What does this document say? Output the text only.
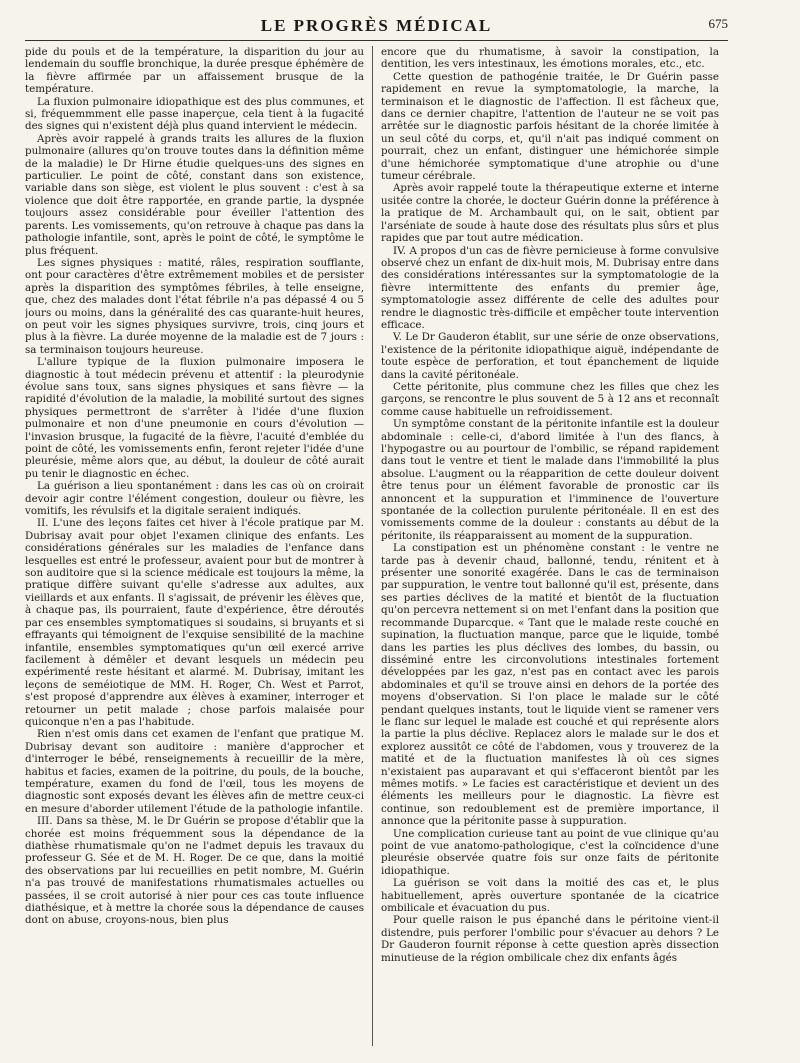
LE PROGRÈS MÉDICAL	675

pide du pouls et de la température, la disparition du jour au lendemain du souffle bronchique, la durée presque éphémère de la fièvre affirmée par un affaissement brusque de la température.

La fluxion pulmonaire idiopathique est des plus communes, et si, fréquemmment elle passe inaperçue, cela tient à la fugacité des signes qui n'existent déjà plus quand intervient le médecin.

Après avoir rappelé à grands traits les allures de la fluxion pulmonaire (allures qu'on trouve toutes dans la définition même de la maladie) le Dr Hirne étudie quelques-uns des signes en particulier. Le point de côté, constant dans son existence, variable dans son siège, est violent le plus souvent : c'est à sa violence que doit être rapportée, en grande partie, la dyspnée toujours assez considérable pour éveiller l'attention des parents. Les vomissements, qu'on retrouve à chaque pas dans la pathologie infantile, sont, après le point de côté, le symptôme le plus fréquent.

Les signes physiques : matité, râles, respiration soufflante, ont pour caractères d'être extrêmement mobiles et de persister après la disparition des symptômes fébriles, à telle enseigne, que, chez des malades dont l'état fébrile n'a pas dépassé 4 ou 5 jours ou moins, dans la généralité des cas quarante-huit heures, on peut voir les signes physiques survivre, trois, cinq jours et plus à la fièvre. La durée moyenne de la maladie est de 7 jours : sa terminaison toujours heureuse.

L'allure typique de la fluxion pulmonaire imposera le diagnostic à tout médecin prévenu et attentif : la pleurodynie évolue sans toux, sans signes physiques et sans fièvre — la rapidité d'évolution de la maladie, la mobilité surtout des signes physiques permettront de s'arrêter à l'idée d'une fluxion pulmonaire et non d'une pneumonie en cours d'évolution — l'invasion brusque, la fugacité de la fièvre, l'acuité d'emblée du point de côté, les vomissements enfin, feront rejeter l'idée d'une pleurésie, même alors que, au début, la douleur de côté aurait pu tenir le diagnostic en échec.

La guérison a lieu spontanément : dans les cas où on croirait devoir agir contre l'élément congestion, douleur ou fièvre, les vomitifs, les révulsifs et la digitale seraient indiqués.

II. L'une des leçons faites cet hiver à l'école pratique par M. Dubrisay avait pour objet l'examen clinique des enfants. Les considérations générales sur les maladies de l'enfance dans lesquelles est entré le professeur, avaient pour but de montrer à son auditoire que si la science médicale est toujours la même, la pratique diffère suivant qu'elle s'adresse aux adultes, aux vieillards et aux enfants. Il s'agissait, de prévenir les élèves que, à chaque pas, ils pourraient, faute d'expérience, être déroutés par ces ensembles symptomatiques si soudains, si bruyants et si effrayants qui témoignent de l'exquise sensibilité de la machine infantile, ensembles symptomatiques qu'un œil exercé arrive facilement à démêler et devant lesquels un médecin peu expérimenté reste hésitant et alarmé. M. Dubrisay, imitant les leçons de seméiotique de MM. H. Roger, Ch. West et Parrot, s'est proposé d'apprendre aux élèves à examiner, interroger et retourner un petit malade ; chose parfois malaisée pour quiconque n'en a pas l'habitude.

Rien n'est omis dans cet examen de l'enfant que pratique M. Dubrisay devant son auditoire : manière d'approcher et d'interroger le bébé, renseignements à recueillir de la mère, habitus et facies, examen de la poitrine, du pouls, de la bouche, température, examen du fond de l'œil, tous les moyens de diagnostic sont exposés devant les élèves afin de mettre ceux-ci en mesure d'aborder utilement l'étude de la pathologie infantile.

III. Dans sa thèse, M. le Dr Guérin se propose d'établir que la chorée est moins fréquemment sous la dépendance de la diathèse rhumatismale qu'on ne l'admet depuis les travaux du professeur G. Sée et de M. H. Roger. De ce que, dans la moitié des observations par lui recueillies en petit nombre, M. Guérin n'a pas trouvé de manifestations rhumatismales actuelles ou passées, il se croit autorisé à nier pour ces cas toute influence diathésique, et à mettre la chorée sous la dépendance de causes dont on abuse, croyons-nous, bien plus

encore que du rhumatisme, à savoir la constipation, la dentition, les vers intestinaux, les émotions morales, etc., etc.

Cette question de pathogénie traitée, le Dr Guérin passe rapidement en revue la symptomatologie, la marche, la terminaison et le diagnostic de l'affection. Il est fâcheux que, dans ce dernier chapitre, l'attention de l'auteur ne se voit pas arrêtée sur le diagnostic parfois hésitant de la chorée limitée à un seul côté du corps, et, qu'il n'ait pas indiqué comment on pourrait, chez un enfant, distinguer une hémichorée simple d'une hémichorée symptomatique d'une atrophie ou d'une tumeur cérébrale.

Après avoir rappelé toute la thérapeutique externe et interne usitée contre la chorée, le docteur Guérin donne la préférence à la pratique de M. Archambault qui, on le sait, obtient par l'arséniate de soude à haute dose des résultats plus sûrs et plus rapides que par tout autre médication.

IV. A propos d'un cas de fièvre pernicieuse à forme convulsive observé chez un enfant de dix-huit mois, M. Dubrisay entre dans des considérations intéressantes sur la symptomatologie de la fièvre intermittente des enfants du premier âge, symptomatologie assez différente de celle des adultes pour rendre le diagnostic très-difficile et empêcher toute intervention efficace.

V. Le Dr Gauderon établit, sur une série de onze observations, l'existence de la péritonite idiopathique aiguë, indépendante de toute espèce de perforation, et tout épanchement de liquide dans la cavité péritonéale.

Cette péritonite, plus commune chez les filles que chez les garçons, se rencontre le plus souvent de 5 à 12 ans et reconnaît comme cause habituelle un refroidissement.

Un symptôme constant de la péritonite infantile est la douleur abdominale : celle-ci, d'abord limitée à l'un des flancs, à l'hypogastre ou au pourtour de l'ombilic, se répand rapidement dans tout le ventre et tient le malade dans l'immobilité la plus absolue. L'augment ou la réapparition de cette douleur doivent être tenus pour un élément favorable de pronostic car ils annoncent et la suppuration et l'imminence de l'ouverture spontanée de la collection purulente péritonéale. Il en est des vomissements comme de la douleur : constants au début de la péritonite, ils réapparaissent au moment de la suppuration.

La constipation est un phénomène constant : le ventre ne tarde pas à devenir chaud, ballonné, tendu, rénitent et à présenter une sonorité exagérée. Dans le cas de terminaison par suppuration, le ventre tout ballonné qu'il est, présente, dans ses parties déclives de la matité et bientôt de la fluctuation qu'on percevra nettement si on met l'enfant dans la position que recommande Duparcque. « Tant que le malade reste couché en supination, la fluctuation manque, parce que le liquide, tombé dans les parties les plus déclives des lombes, du bassin, ou disséminé entre les circonvolutions intestinales fortement développées par les gaz, n'est pas en contact avec les parois abdominales et qu'il se trouve ainsi en dehors de la portée des moyens d'observation. Si l'on place le malade sur le côté pendant quelques instants, tout le liquide vient se ramener vers le flanc sur lequel le malade est couché et qui représente alors la partie la plus déclive. Replacez alors le malade sur le dos et explorez aussitôt ce côté de l'abdomen, vous y trouverez de la matité et de la fluctuation manifestes là où ces signes n'existaient pas auparavant et qui s'effaceront bientôt par les mêmes motifs. » Le facies est caractéristique et devient un des éléments les meilleurs pour le diagnostic. La fièvre est continue, son redoublement est de première importance, il annonce que la péritonite passe à suppuration.

Une complication curieuse tant au point de vue clinique qu'au point de vue anatomo-pathologique, c'est la coïncidence d'une pleurésie observée quatre fois sur onze faits de péritonite idiopathique.

La guérison se voit dans la moitié des cas et, le plus habituellement, après ouverture spontanée de la cicatrice ombilicale et évacuation du pus.

Pour quelle raison le pus épanché dans le péritoine vient-il distendre, puis perforer l'ombilic pour s'évacuer au dehors ? Le Dr Gauderon fournit réponse à cette question après dissection minutieuse de la région ombilicale chez dix enfants âgés
